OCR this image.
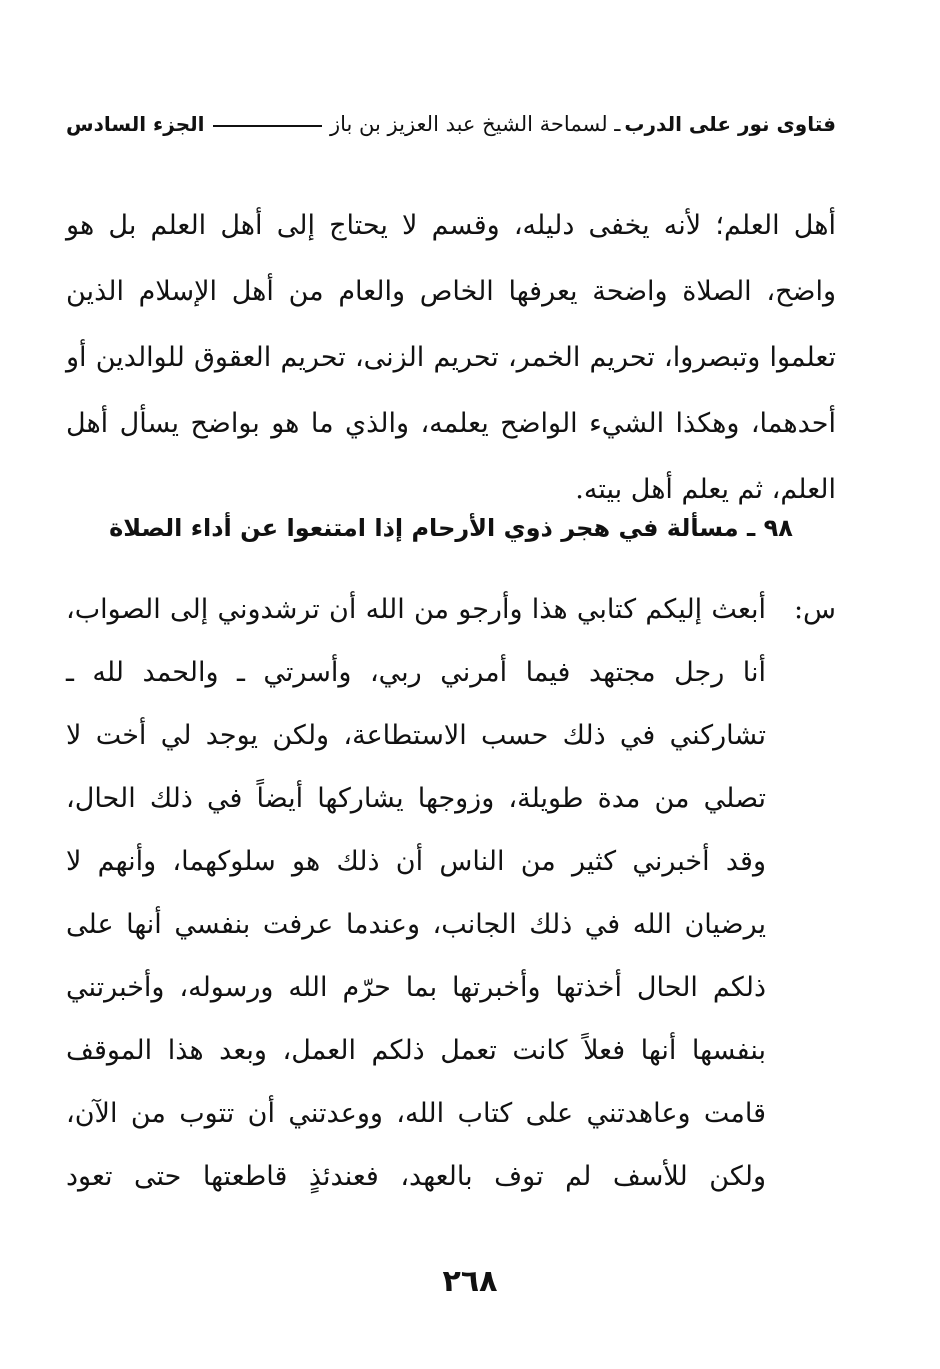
فتاوى نور على الدرب
ـ لسماحة الشيخ عبد العزيز بن باز
الجزء السادس

أهل العلم؛ لأنه يخفى دليله، وقسم لا يحتاج إلى أهل العلم بل هو واضح، الصلاة واضحة يعرفها الخاص والعام من أهل الإسلام الذين تعلموا وتبصروا، تحريم الخمر، تحريم الزنى، تحريم العقوق للوالدين أو أحدهما، وهكذا الشيء الواضح يعلمه، والذي ما هو بواضح يسأل أهل العلم، ثم يعلم أهل بيته.

٩٨ ـ مسألة في هجر ذوي الأرحام إذا امتنعوا عن أداء الصلاة
س:
أبعث إليكم كتابي هذا وأرجو من الله أن ترشدوني إلى الصواب،
أنا رجل مجتهد فيما أمرني ربي، وأسرتي ـ والحمد لله ـ
تشاركني في ذلك حسب الاستطاعة، ولكن يوجد لي أخت لا
تصلي من مدة طويلة، وزوجها يشاركها أيضاً في ذلك الحال،
وقد أخبرني كثير من الناس أن ذلك هو سلوكهما، وأنهم لا
يرضيان الله في ذلك الجانب، وعندما عرفت بنفسي أنها على
ذلكم الحال أخذتها وأخبرتها بما حرّم الله ورسوله، وأخبرتني
بنفسها أنها فعلاً كانت تعمل ذلكم العمل، وبعد هذا الموقف
قامت وعاهدتني على كتاب الله، ووعدتني أن تتوب من الآن،
ولكن للأسف لم توف بالعهد، فعندئذٍ قاطعتها حتى تعود
٢٦٨
